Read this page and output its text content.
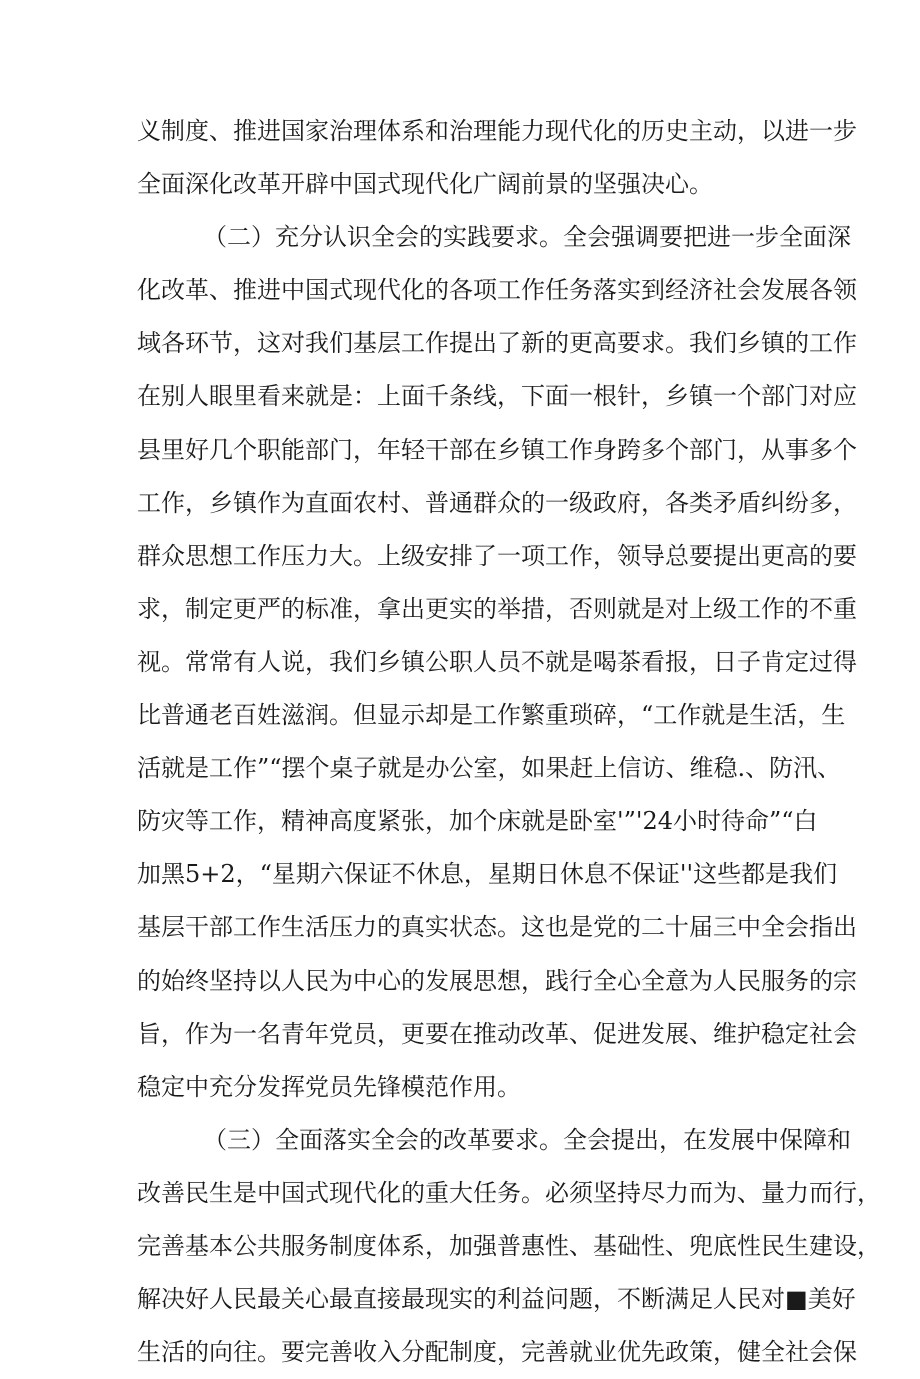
义制度、推进国家治理体系和治理能力现代化的历史主动，以进一步
全面深化改革开辟中国式现代化广阔前景的坚强决心。
（二）充分认识全会的实践要求。全会强调要把进一步全面深
化改革、推进中国式现代化的各项工作任务落实到经济社会发展各领
域各环节，这对我们基层工作提出了新的更高要求。我们乡镇的工作
在别人眼里看来就是：上面千条线，下面一根针，乡镇一个部门对应
县里好几个职能部门，年轻干部在乡镇工作身跨多个部门，从事多个
工作，乡镇作为直面农村、普通群众的一级政府，各类矛盾纠纷多，
群众思想工作压力大。上级安排了一项工作，领导总要提出更高的要
求，制定更严的标准，拿出更实的举措，否则就是对上级工作的不重
视。常常有人说，我们乡镇公职人员不就是喝茶看报，日子肯定过得
比普通老百姓滋润。但显示却是工作繁重琐碎，“工作就是生活，生
活就是工作”“摆个桌子就是办公室，如果赶上信访、维稳.、防汛、
防灾等工作，精神高度紧张，加个床就是卧室'”'24小时待命”“白
加黑5+2，“星期六保证不休息，星期日休息不保证''这些都是我们
基层干部工作生活压力的真实状态。这也是党的二十届三中全会指出
的始终坚持以人民为中心的发展思想，践行全心全意为人民服务的宗
旨，作为一名青年党员，更要在推动改革、促进发展、维护稳定社会
稳定中充分发挥党员先锋模范作用。
（三）全面落实全会的改革要求。全会提出，在发展中保障和
改善民生是中国式现代化的重大任务。必须坚持尽力而为、量力而行，
完善基本公共服务制度体系，加强普惠性、基础性、兜底性民生建设，
解决好人民最关心最直接最现实的利益问题，不断满足人民对■美好
生活的向往。要完善收入分配制度，完善就业优先政策，健全社会保
